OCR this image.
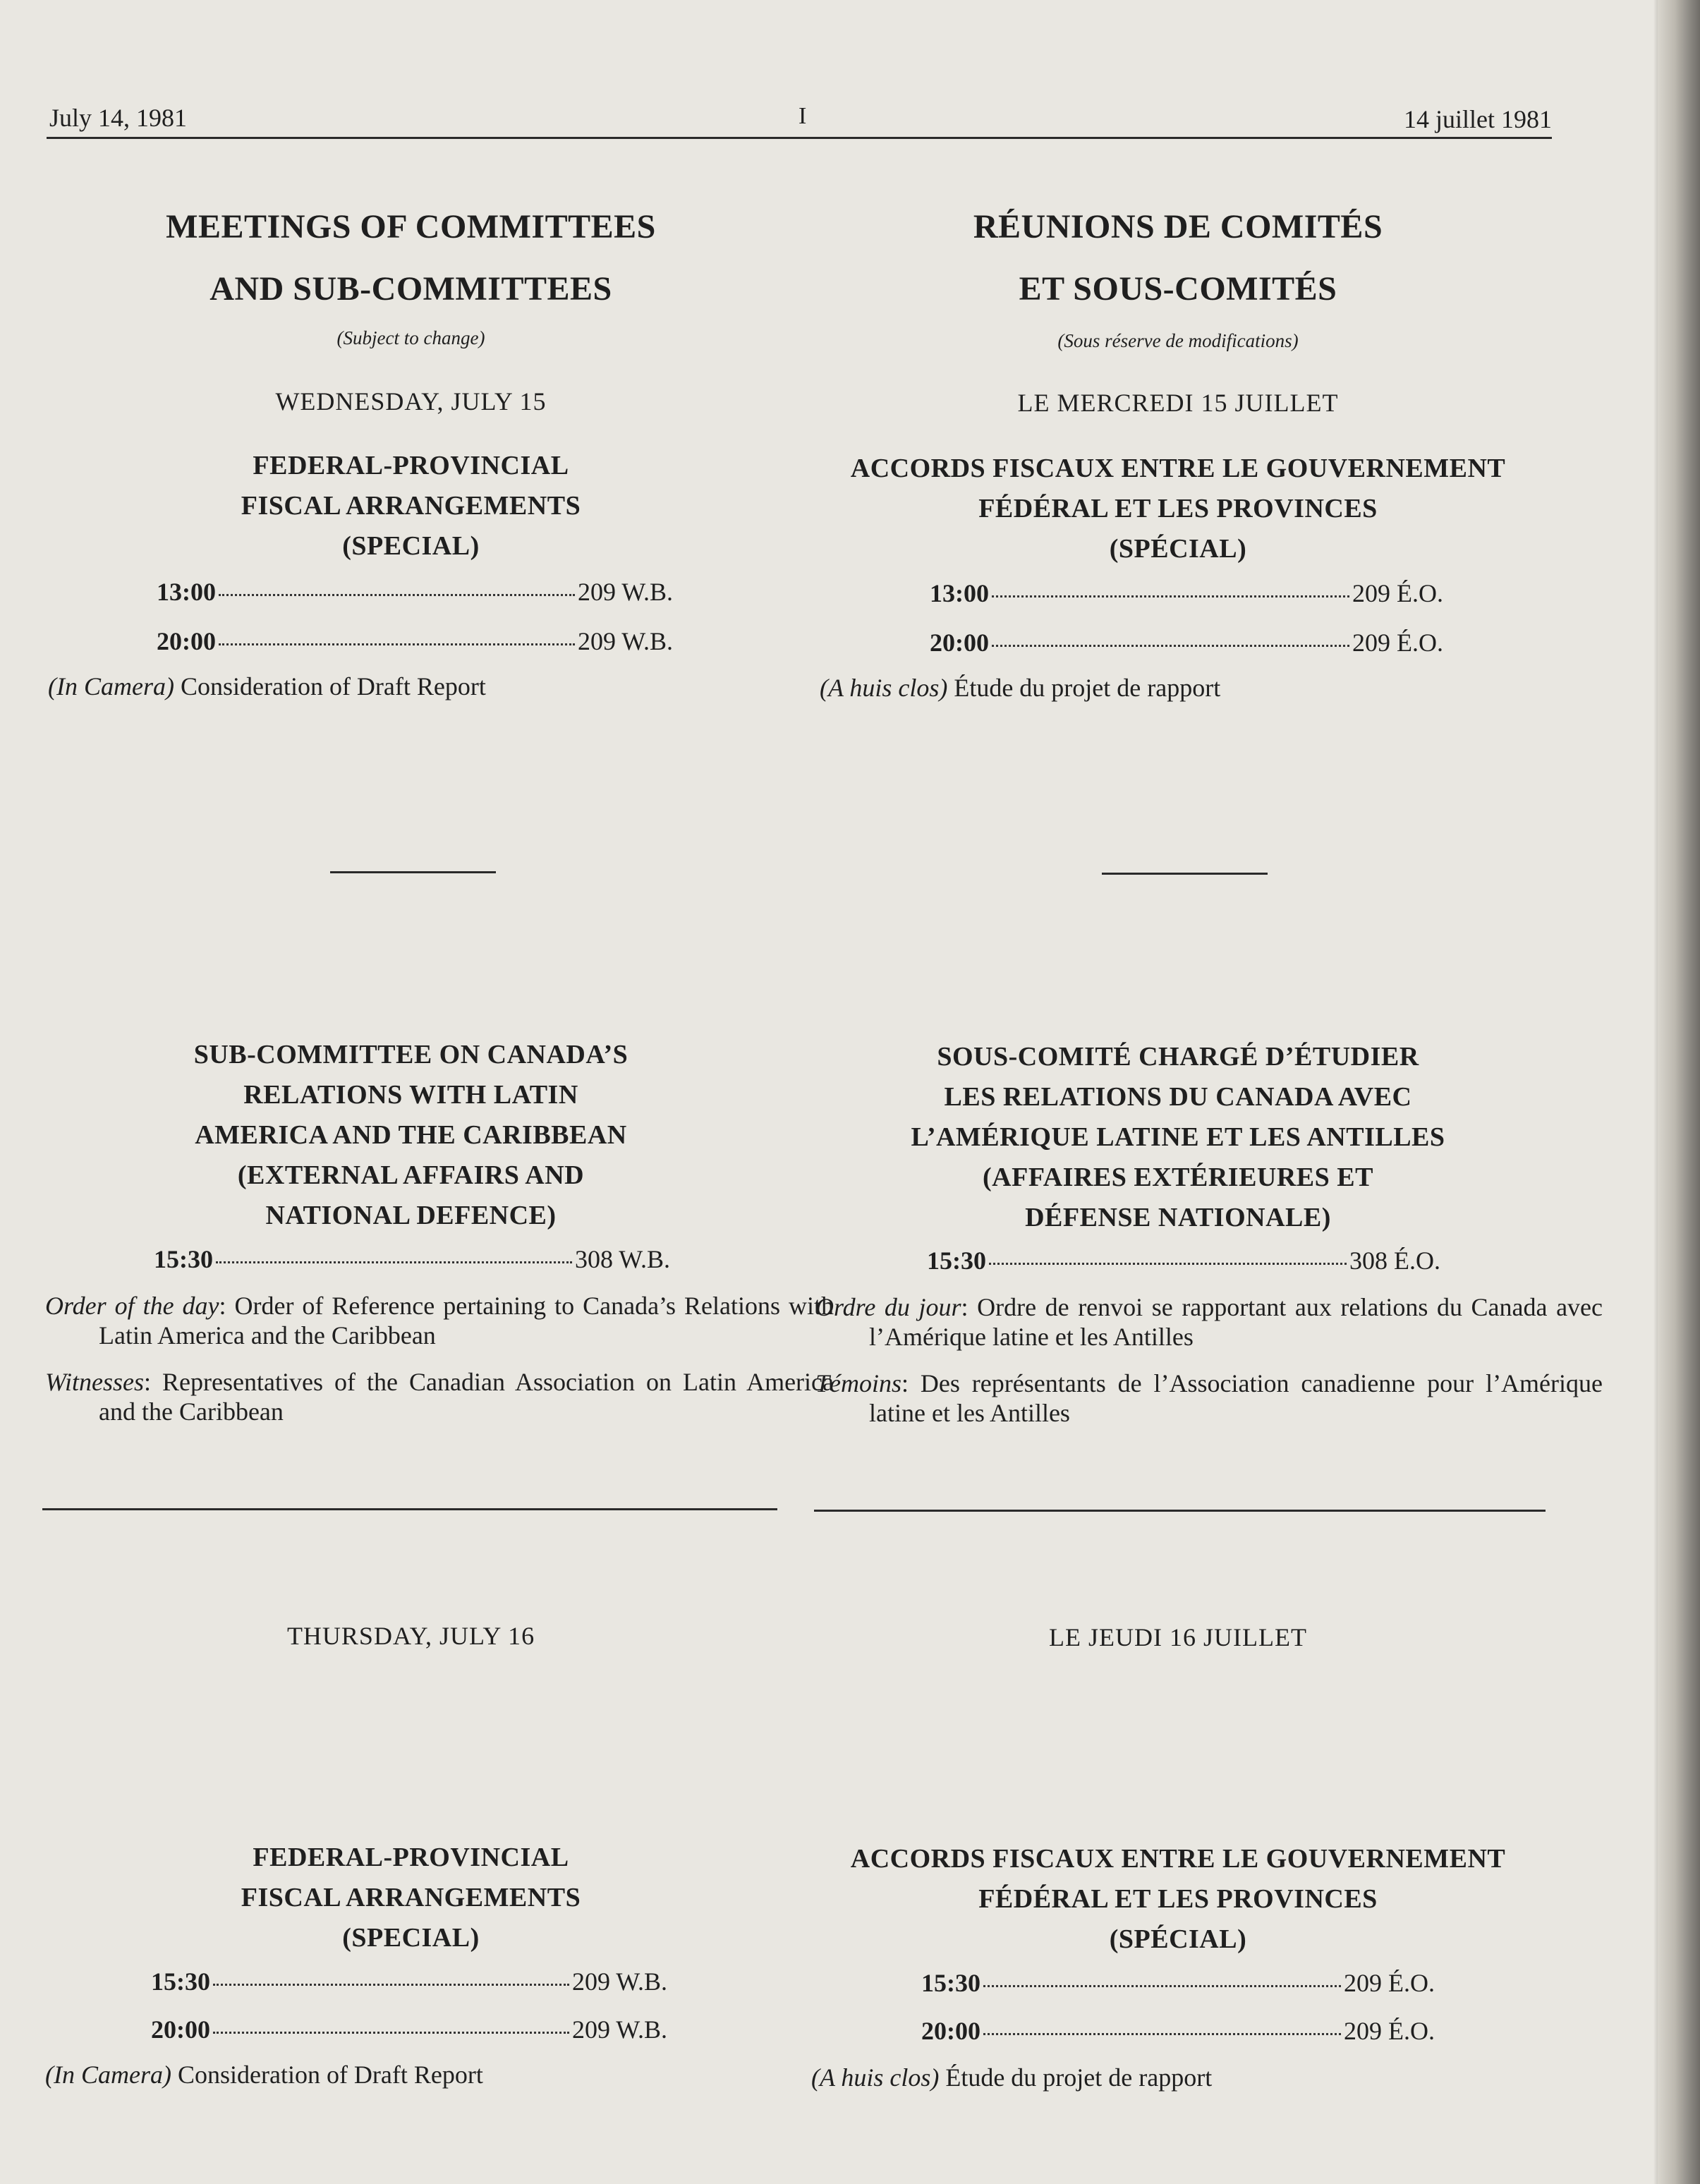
July 14, 1981	I	14 juillet 1981
MEETINGS OF COMMITTEES
AND SUB-COMMITTEES
(Subject to change)
WEDNESDAY, JULY 15
FEDERAL-PROVINCIAL
FISCAL ARRANGEMENTS
(SPECIAL)
13:00	209 W.B.
20:00	209 W.B.
(In Camera) Consideration of Draft Report
SUB-COMMITTEE ON CANADA’S
RELATIONS WITH LATIN
AMERICA AND THE CARIBBEAN
(EXTERNAL AFFAIRS AND
NATIONAL DEFENCE)
15:30	308 W.B.
Order of the day: Order of Reference pertaining to Canada’s Relations with Latin America and the Caribbean
Witnesses: Representatives of the Canadian Association on Latin America and the Caribbean
THURSDAY, JULY 16
FEDERAL-PROVINCIAL
FISCAL ARRANGEMENTS
(SPECIAL)
15:30	209 W.B.
20:00	209 W.B.
(In Camera) Consideration of Draft Report
RÉUNIONS DE COMITÉS
ET SOUS-COMITÉS
(Sous réserve de modifications)
LE MERCREDI 15 JUILLET
ACCORDS FISCAUX ENTRE LE GOUVERNEMENT
FÉDÉRAL ET LES PROVINCES
(SPÉCIAL)
13:00	209 É.O.
20:00	209 É.O.
(A huis clos) Étude du projet de rapport
SOUS-COMITÉ CHARGÉ D’ÉTUDIER
LES RELATIONS DU CANADA AVEC
L’AMÉRIQUE LATINE ET LES ANTILLES
(AFFAIRES EXTÉRIEURES ET
DÉFENSE NATIONALE)
15:30	308 É.O.
Ordre du jour: Ordre de renvoi se rapportant aux relations du Canada avec l’Amérique latine et les Antilles
Témoins: Des représentants de l’Association canadienne pour l’Amérique latine et les Antilles
LE JEUDI 16 JUILLET
ACCORDS FISCAUX ENTRE LE GOUVERNEMENT
FÉDÉRAL ET LES PROVINCES
(SPÉCIAL)
15:30	209 É.O.
20:00	209 É.O.
(A huis clos) Étude du projet de rapport
